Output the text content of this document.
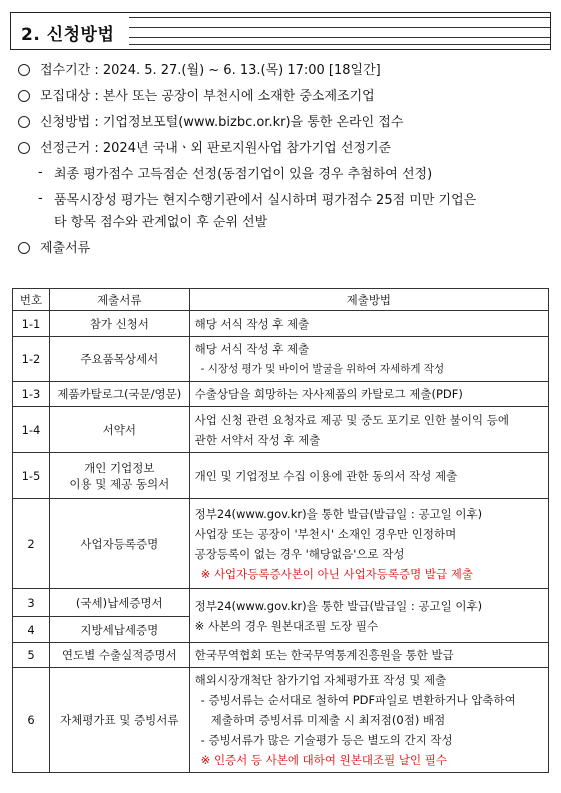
2. 신청방법
접수기간 : 2024. 5. 27.(월) ~ 6. 13.(목) 17:00 [18일간]
모집대상 : 본사 또는 공장이 부천시에 소재한 중소제조기업
신청방법 : 기업정보포털(www.bizbc.or.kr)을 통한 온라인 접수
선정근거 : 2024년 국내ㆍ외 판로지원사업 참가기업 선정기준
- 최종 평가점수 고득점순 선정(동점기업이 있을 경우 추첨하여 선정)
- 품목시장성 평가는 현지수행기관에서 실시하며 평가점수 25점 미만 기업은
타 항목 점수와 관계없이 후 순위 선발
제출서류
번호	제출서류	제출방법
1-1	참가 신청서	해당 서식 작성 후 제출
1-2	주요품목상세서	해당 서식 작성 후 제출
- 시장성 평가 및 바이어 발굴을 위하여 자세하게 작성

1-3	제품카탈로그(국문/영문)	수출상담을 희망하는 자사제품의 카탈로그 제출(PDF)
1-4	서약서	사업 신청 관련 요청자료 제공 및 중도 포기로 인한 불이익 등에
관한 서약서 작성 후 제출

1-5	개인 기업정보
이용 및 제공 동의서	개인 및 기업정보 수집 이용에 관한 동의서 작성 제출
2	사업자등록증명	정부24(www.gov.kr)을 통한 발급(발급일 : 공고일 이후)
사업장 또는 공장이 '부천시' 소재인 경우만 인정하며
공장등록이 없는 경우 '해당없음'으로 작성
※ 사업자등록증사본이 아닌 사업자등록증명 발급 제출

3	(국세)납세증명서	정부24(www.gov.kr)을 통한 발급(발급일 : 공고일 이후)
※ 사본의 경우 원본대조필 도장 필수

4	지방세납세증명	
5	연도별 수출실적증명서	한국무역협회 또는 한국무역통계진흥원을 통한 발급
6	자체평가표 및 증빙서류	해외시장개척단 참가기업 자체평가표 작성 및 제출
- 증빙서류는 순서대로 철하여 PDF파일로 변환하거나 압축하여
제출하며 증빙서류 미제출 시 최저점(0점) 배점
- 증빙서류가 많은 기술평가 등은 별도의 간지 작성
※ 인증서 등 사본에 대하여 원본대조필 날인 필수
